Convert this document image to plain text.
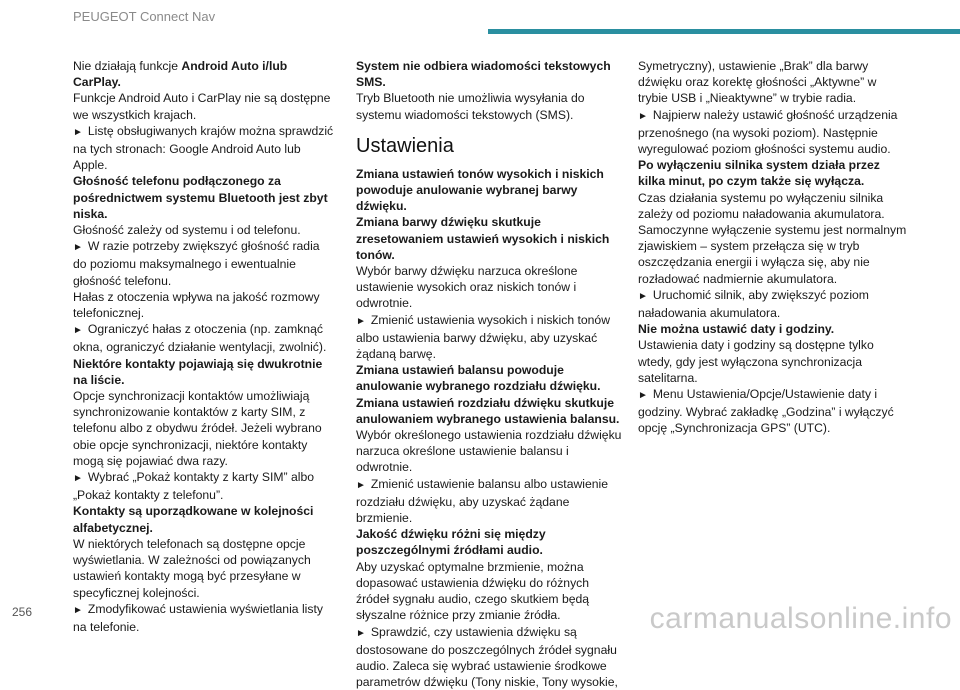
PEUGEOT Connect Nav

Nie działają funkcje Android Auto i/lub CarPlay.

Funkcje Android Auto i CarPlay nie są dostępne we wszystkich krajach.

► Listę obsługiwanych krajów można sprawdzić na tych stronach: Google Android Auto lub Apple.

Głośność telefonu podłączonego za pośrednictwem systemu Bluetooth jest zbyt niska.

Głośność zależy od systemu i od telefonu.

► W razie potrzeby zwiększyć głośność radia do poziomu maksymalnego i ewentualnie głośność telefonu.

Hałas z otoczenia wpływa na jakość rozmowy telefonicznej.

► Ograniczyć hałas z otoczenia (np. zamknąć okna, ograniczyć działanie wentylacji, zwolnić).

Niektóre kontakty pojawiają się dwukrotnie na liście.

Opcje synchronizacji kontaktów umożliwiają synchronizowanie kontaktów z karty SIM, z telefonu albo z obydwu źródeł. Jeżeli wybrano obie opcje synchronizacji, niektóre kontakty mogą się pojawiać dwa razy.

► Wybrać „Pokaż kontakty z karty SIM” albo „Pokaż kontakty z telefonu”.

Kontakty są uporządkowane w kolejności alfabetycznej.

W niektórych telefonach są dostępne opcje wyświetlania. W zależności od powiązanych ustawień kontakty mogą być przesyłane w specyficznej kolejności.

► Zmodyfikować ustawienia wyświetlania listy na telefonie.

System nie odbiera wiadomości tekstowych SMS.

Tryb Bluetooth nie umożliwia wysyłania do systemu wiadomości tekstowych (SMS).

Ustawienia

Zmiana ustawień tonów wysokich i niskich powoduje anulowanie wybranej barwy dźwięku.

Zmiana barwy dźwięku skutkuje zresetowaniem ustawień wysokich i niskich tonów.

Wybór barwy dźwięku narzuca określone ustawienie wysokich oraz niskich tonów i odwrotnie.

► Zmienić ustawienia wysokich i niskich tonów albo ustawienia barwy dźwięku, aby uzyskać żądaną barwę.

Zmiana ustawień balansu powoduje anulowanie wybranego rozdziału dźwięku.

Zmiana ustawień rozdziału dźwięku skutkuje anulowaniem wybranego ustawienia balansu.

Wybór określonego ustawienia rozdziału dźwięku narzuca określone ustawienie balansu i odwrotnie.

► Zmienić ustawienie balansu albo ustawienie rozdziału dźwięku, aby uzyskać żądane brzmienie.

Jakość dźwięku różni się między poszczególnymi źródłami audio.

Aby uzyskać optymalne brzmienie, można dopasować ustawienia dźwięku do różnych źródeł sygnału audio, czego skutkiem będą słyszalne różnice przy zmianie źródła.

► Sprawdzić, czy ustawienia dźwięku są dostosowane do poszczególnych źródeł sygnału audio. Zaleca się wybrać ustawienie środkowe parametrów dźwięku (Tony niskie, Tony wysokie,

Symetryczny), ustawienie „Brak” dla barwy dźwięku oraz korektę głośności „Aktywne” w trybie USB i „Nieaktywne” w trybie radia.

► Najpierw należy ustawić głośność urządzenia przenośnego (na wysoki poziom). Następnie wyregulować poziom głośności systemu audio.

Po wyłączeniu silnika system działa przez kilka minut, po czym także się wyłącza.

Czas działania systemu po wyłączeniu silnika zależy od poziomu naładowania akumulatora.

Samoczynne wyłączenie systemu jest normalnym zjawiskiem – system przełącza się w tryb oszczędzania energii i wyłącza się, aby nie rozładować nadmiernie akumulatora.

► Uruchomić silnik, aby zwiększyć poziom naładowania akumulatora.

Nie można ustawić daty i godziny.

Ustawienia daty i godziny są dostępne tylko wtedy, gdy jest wyłączona synchronizacja satelitarna.

► Menu Ustawienia/Opcje/Ustawienie daty i godziny. Wybrać zakładkę „Godzina” i wyłączyć opcję „Synchronizacja GPS” (UTC).

256	carmanualsonline.info
